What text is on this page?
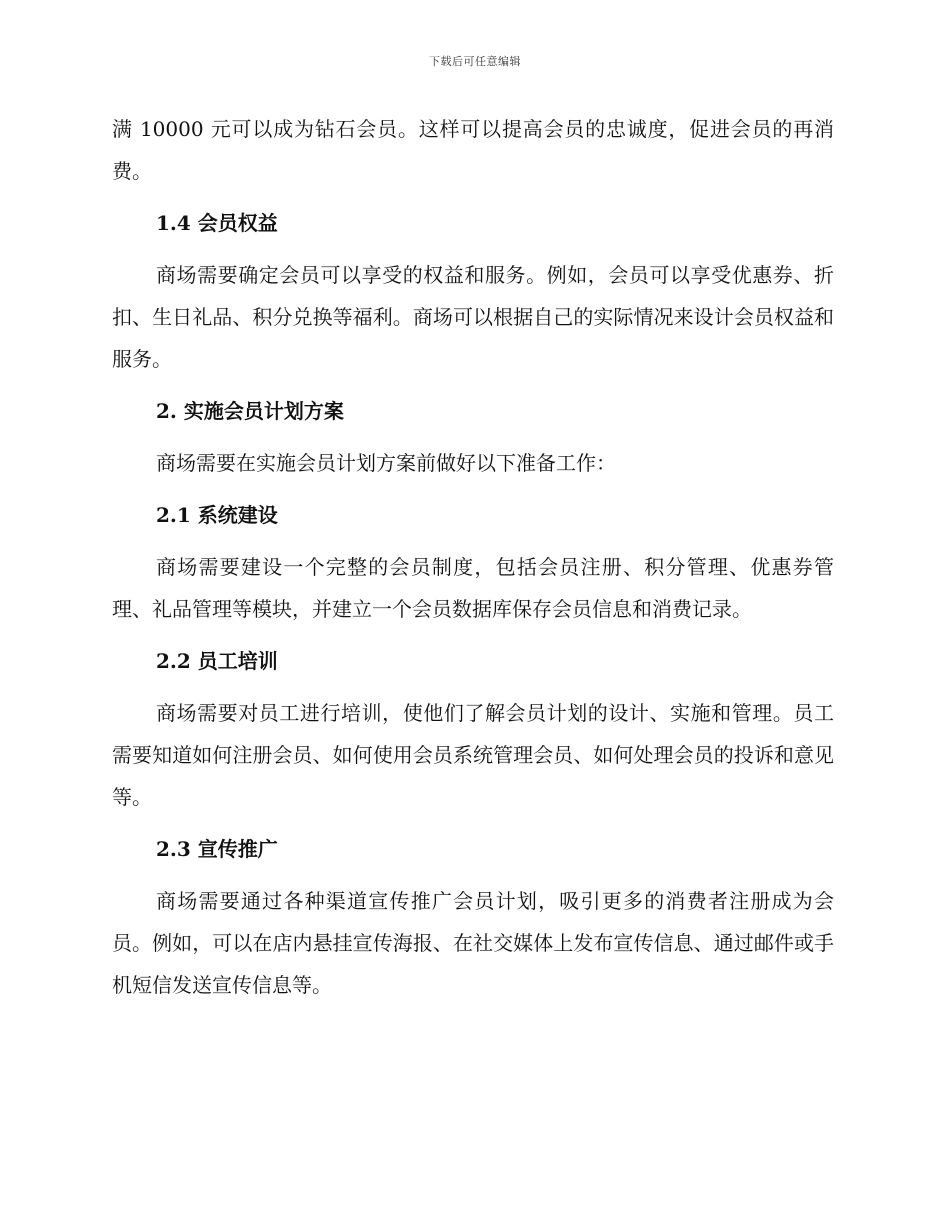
下载后可任意编辑

满 10000 元可以成为钻石会员。这样可以提高会员的忠诚度，促进会员的再消费。

1.4 会员权益

商场需要确定会员可以享受的权益和服务。例如，会员可以享受优惠券、折扣、生日礼品、积分兑换等福利。商场可以根据自己的实际情况来设计会员权益和服务。

2. 实施会员计划方案

商场需要在实施会员计划方案前做好以下准备工作：

2.1 系统建设

商场需要建设一个完整的会员制度，包括会员注册、积分管理、优惠券管理、礼品管理等模块，并建立一个会员数据库保存会员信息和消费记录。

2.2 员工培训

商场需要对员工进行培训，使他们了解会员计划的设计、实施和管理。员工需要知道如何注册会员、如何使用会员系统管理会员、如何处理会员的投诉和意见等。

2.3 宣传推广

商场需要通过各种渠道宣传推广会员计划，吸引更多的消费者注册成为会员。例如，可以在店内悬挂宣传海报、在社交媒体上发布宣传信息、通过邮件或手机短信发送宣传信息等。
